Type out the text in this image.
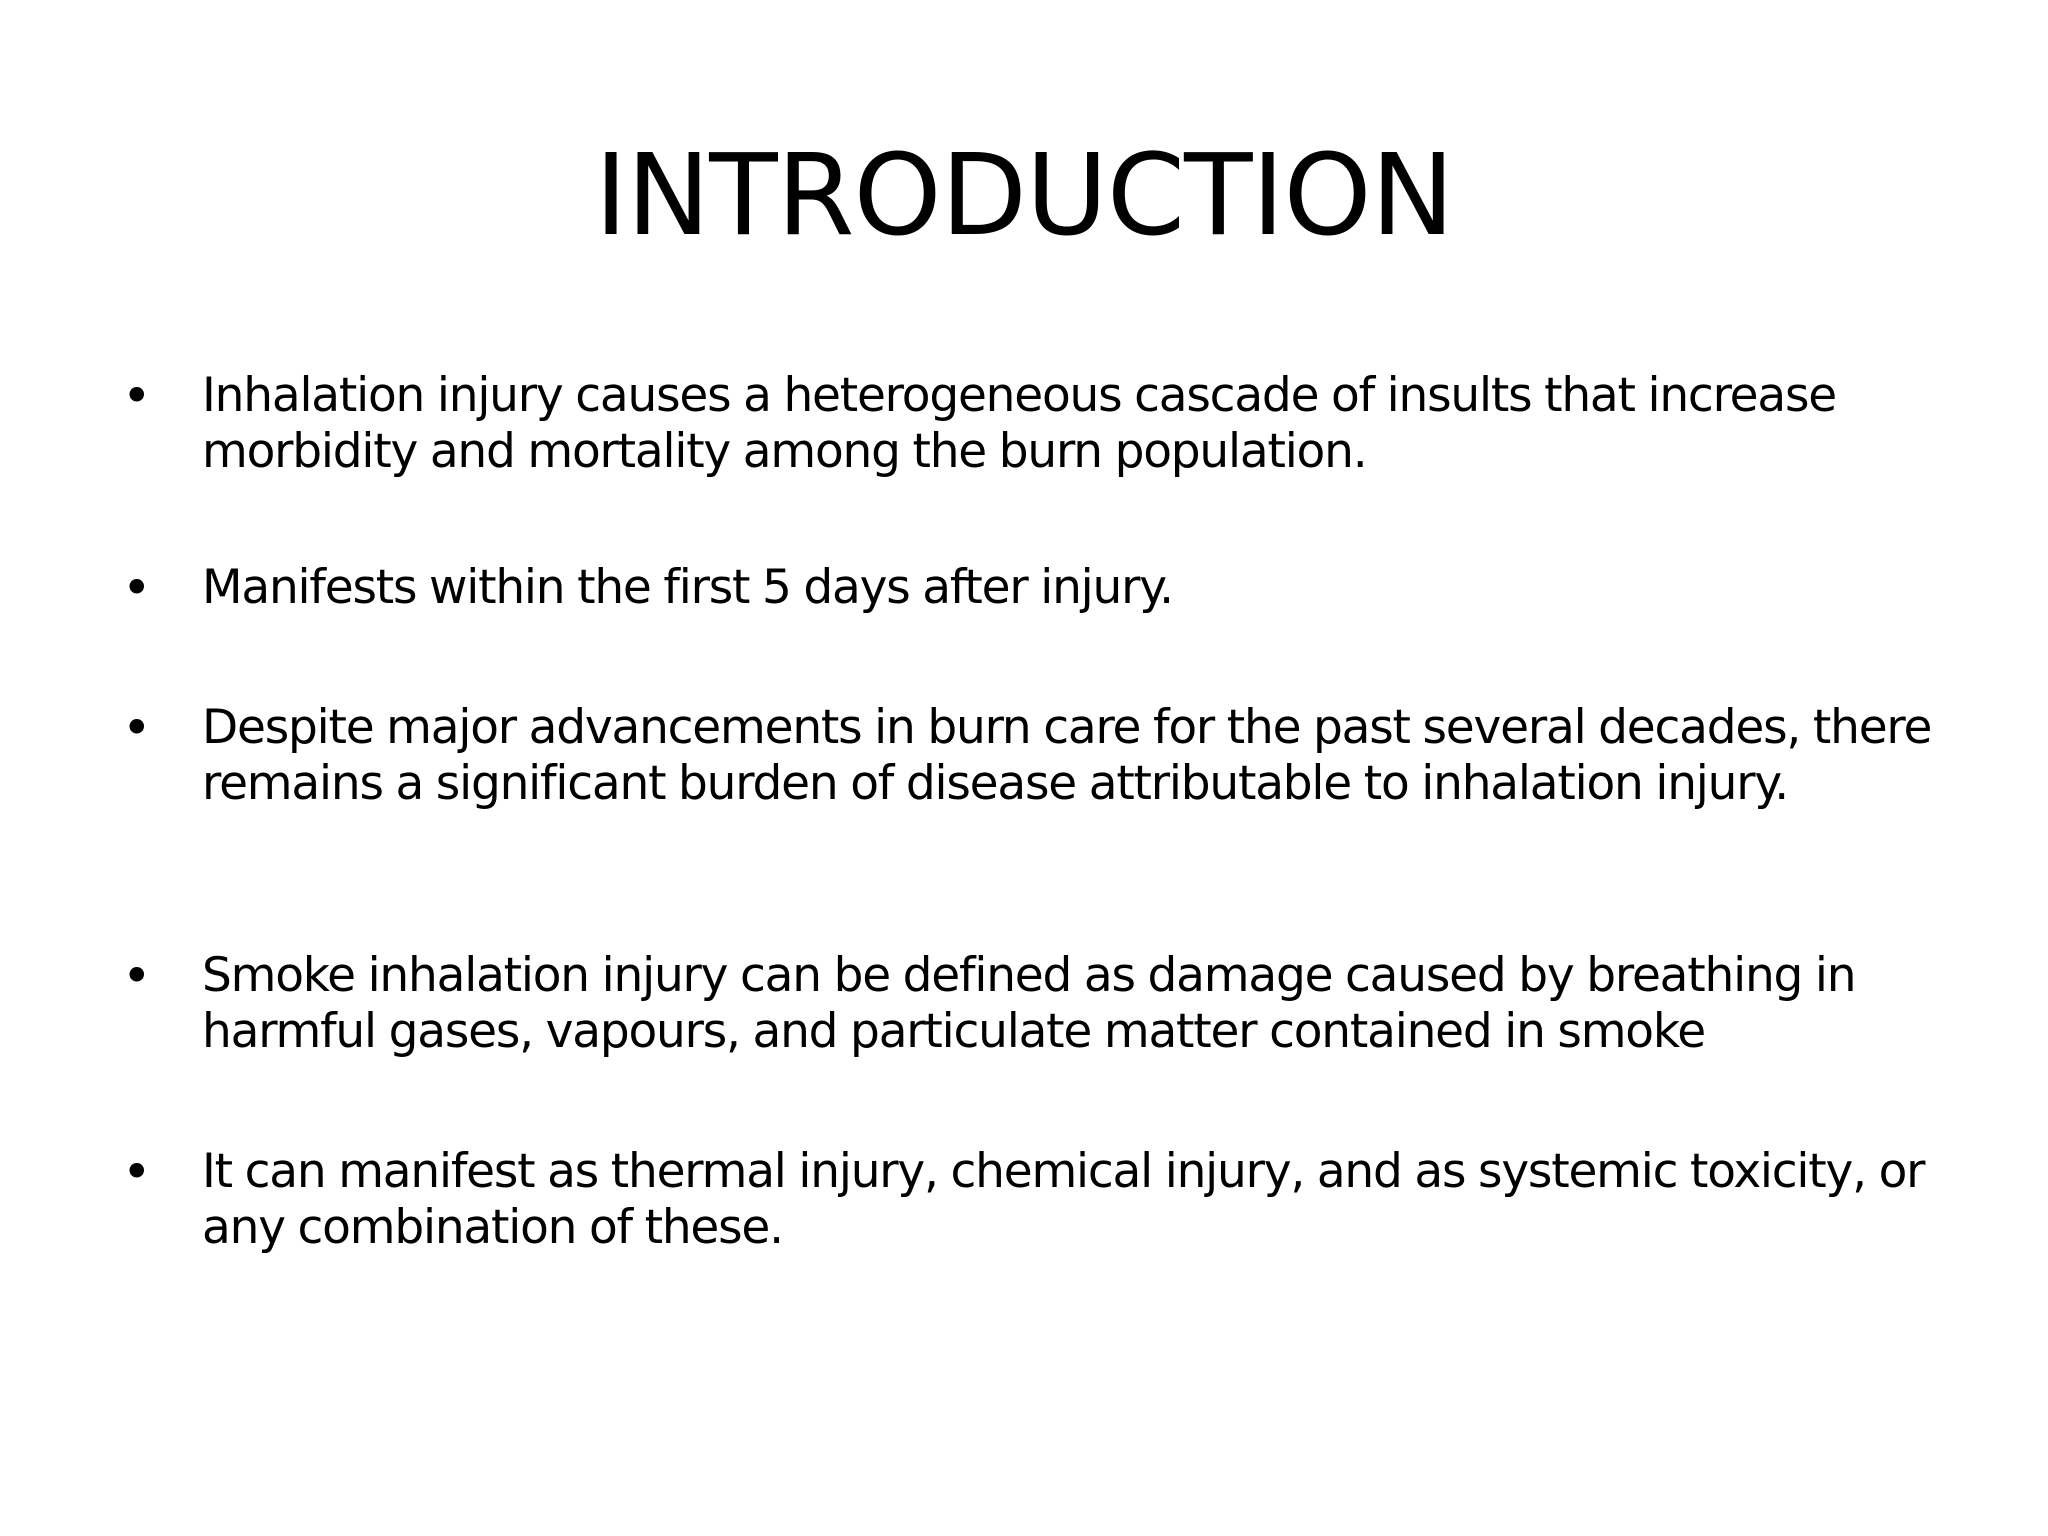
INTRODUCTION
• Inhalation injury causes a heterogeneous cascade of insults that increase morbidity and mortality among the burn population.
• Manifests within the first 5 days after injury.
• Despite major advancements in burn care for the past several decades, there remains a significant burden of disease attributable to inhalation injury.
• Smoke inhalation injury can be defined as damage caused by breathing in harmful gases, vapours, and particulate matter contained in smoke
• It can manifest as thermal injury, chemical injury, and as systemic toxicity, or any combination of these.
